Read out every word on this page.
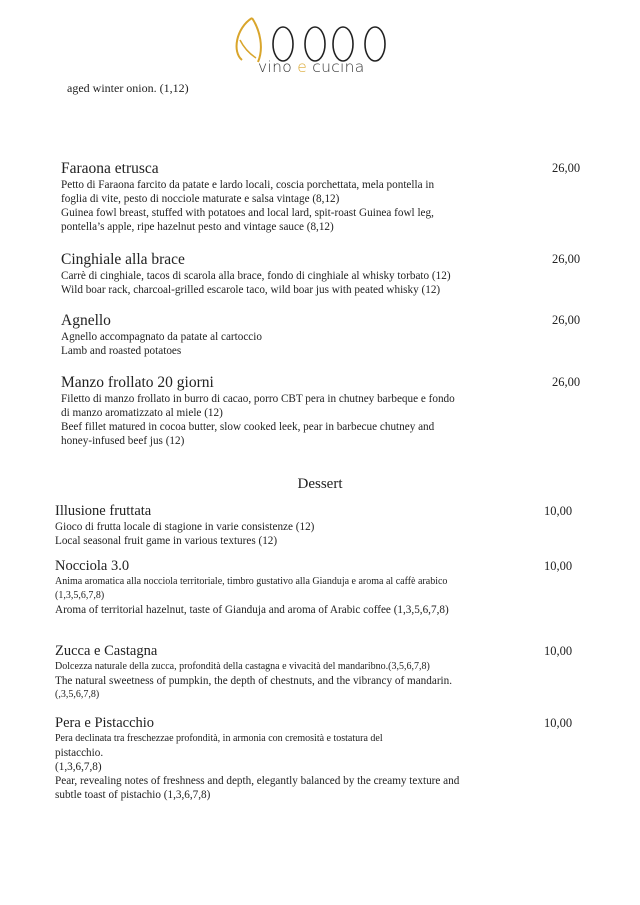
vino e cucina
aged winter onion. (1,12)
Faraona etrusca
Petto di Faraona farcito da patate e lardo locali, coscia porchettata, mela pontella in
foglia di vite, pesto di nocciole maturate e salsa vintage (8,12)
Guinea fowl breast, stuffed with potatoes and local lard, spit-roast Guinea fowl leg,
pontella’s apple, ripe hazelnut pesto and vintage sauce (8,12)
26,00
Cinghiale alla brace
Carrè di cinghiale, tacos di scarola alla brace, fondo di cinghiale al whisky torbato (12)
Wild boar rack, charcoal-grilled escarole taco, wild boar jus with peated whisky (12)
26,00
Agnello
Agnello accompagnato da patate al cartoccio
Lamb and roasted potatoes
26,00
Manzo frollato 20 giorni
Filetto di manzo frollato in burro di cacao, porro CBT pera in chutney barbeque e fondo
di manzo aromatizzato al miele (12)
Beef fillet matured in cocoa butter, slow cooked leek, pear in barbecue chutney and
honey-infused beef jus (12)
26,00
Dessert
Illusione fruttata
Gioco di frutta locale di stagione in varie consistenze (12)
Local seasonal fruit game in various textures (12)
10,00
Nocciola 3.0
Anima aromatica alla nocciola territoriale, timbro gustativo alla Gianduja e aroma al caffè arabico
(1,3,5,6,7,8)
Aroma of territorial hazelnut, taste of Gianduja and aroma of Arabic coffee (1,3,5,6,7,8)
10,00
Zucca e Castagna
Dolcezza naturale della zucca, profondità della castagna e vivacità del mandaribno.(3,5,6,7,8)
The natural sweetness of pumpkin, the depth of chestnuts, and the vibrancy of mandarin.
(,3,5,6,7,8)
10,00
Pera e Pistacchio
Pera declinata tra freschezzae profondità, in armonia con cremosità e tostatura del
pistacchio.
(1,3,6,7,8)
Pear, revealing notes of freshness and depth, elegantly balanced by the creamy texture and
subtle toast of pistachio (1,3,6,7,8)
10,00
